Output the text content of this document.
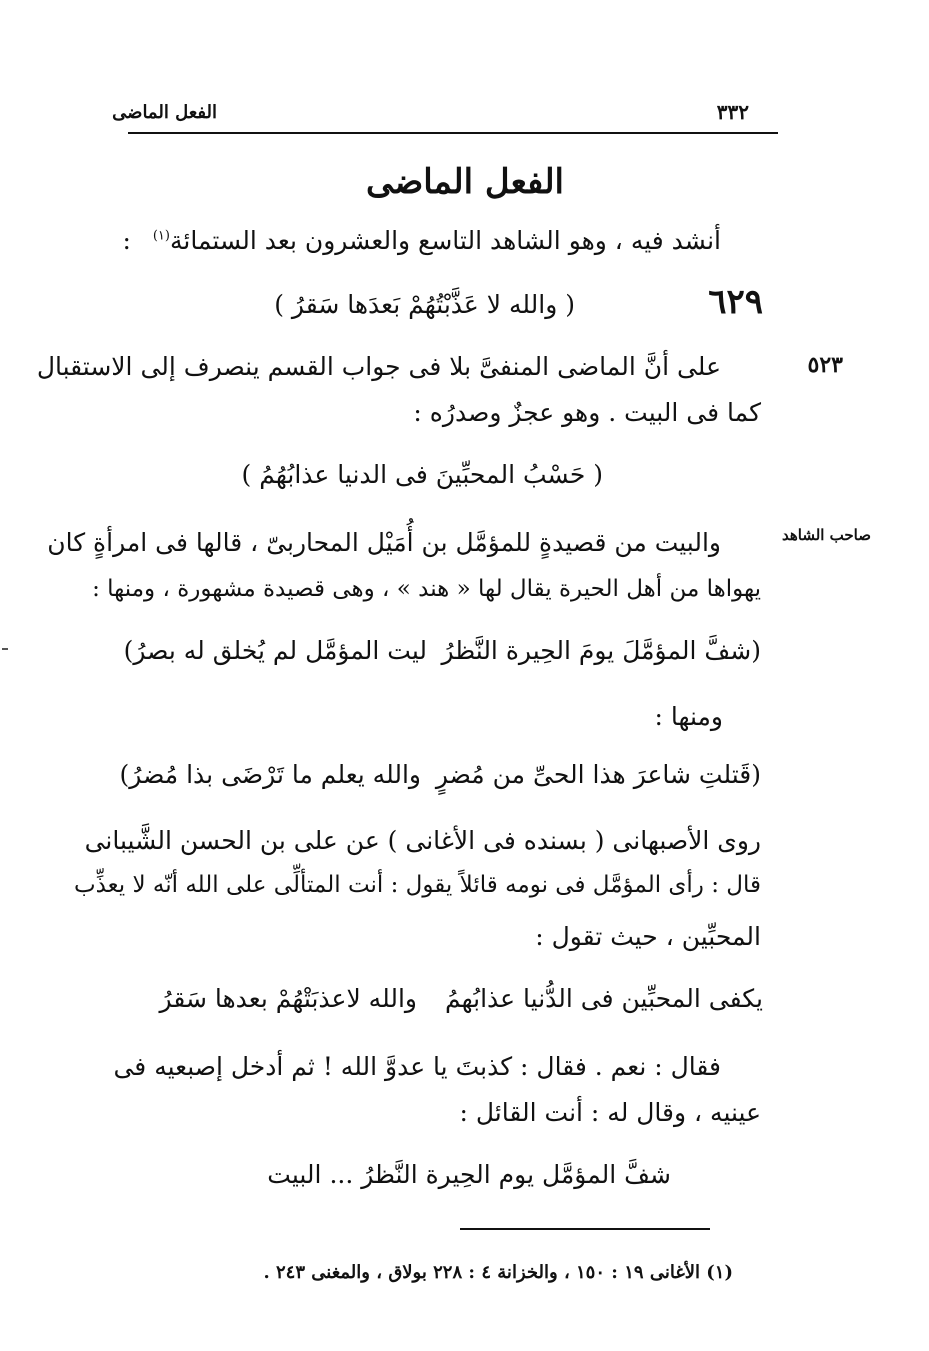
٣٣٢
الفعل الماضى
الفعل الماضى
أنشد فيه ، وهو الشاهد التاسع والعشرون بعد الستمائة$^{(١)}$ :
٦٢٩
( والله لا عَذَّبْتُهُمْ بَعدَها سَقرُ )
٥٢٣
على أنَّ الماضى المنفىَّ بلا فى جواب القسم ينصرف إلى الاستقبال
كما فى البيت . وهو عجزٌ وصدرُه :
( حَسْبُ المحبِّينَ فى الدنيا عذابُهُمُ )
صاحب الشاهد
والبيت من قصيدةٍ للمؤمَّل بن أُمَيْل المحاربىّ ، قالها فى امرأةٍ كان
يهواها من أهل الحيرة يقال لها « هند » ، وهى قصيدة مشهورة ، ومنها :
(شفَّ المؤمَّلَ يومَ الحِيرة النَّظرُ
ليت المؤمَّل لم يُخلق له بصرُ)
ومنها :
(قَتلتِ شاعرَ هذا الحىِّ من مُضرٍ
والله يعلم ما تَرْضَى بذا مُضرُ)
روى الأصبهانى ( بسنده فى الأغانى ) عن على بن الحسن الشَّيبانى
قال : رأى المؤمَّل فى نومه قائلاً يقول : أنت المتألِّى على الله أنّه لا يعذِّب
المحبِّين ، حيث تقول :
يكفى المحبِّين فى الدُّنيا عذابُهمُ
والله لاعذبَتْهُمْ بعدها سَقرُ
فقال : نعم . فقال : كذبتَ يا عدوَّ الله ! ثم أدخل إصبعيه فى
عينيه ، وقال له : أنت القائل :
شفَّ المؤمَّل يوم الحِيرة النَّظرُ ... البيت
(١) الأغانى ١٩ : ١٥٠ ، والخزانة ٤ : ٢٢٨ بولاق ، والمغنى ٢٤٣ .
